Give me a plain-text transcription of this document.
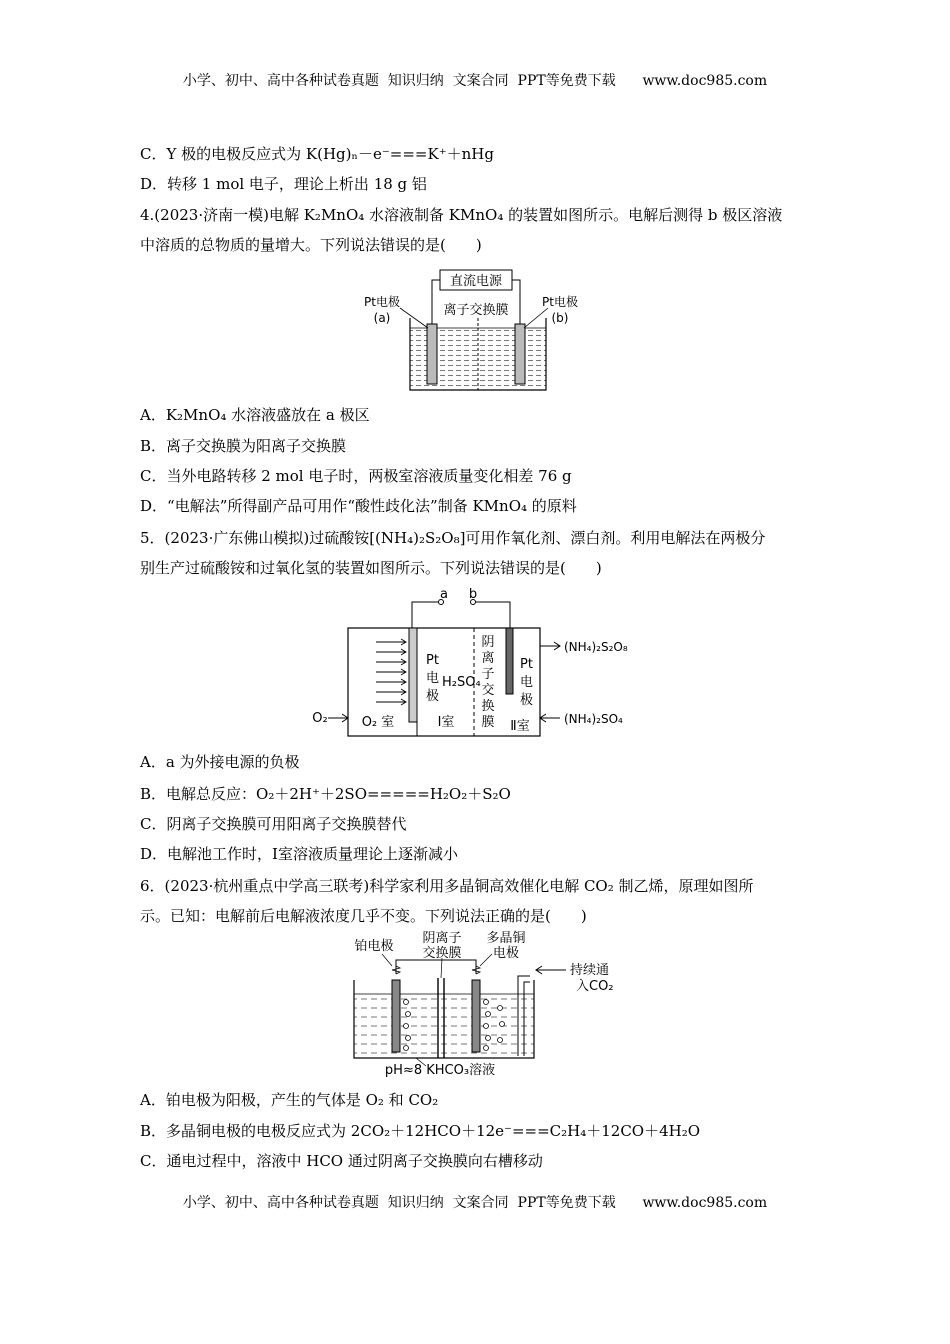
小学、初中、高中各种试卷真题  知识归纳  文案合同  PPT等免费下载      www.doc985.com
C．Y 极的电极反应式为 K(Hg)ₙ－e⁻===K⁺＋nHg
D．转移 1 mol 电子，理论上析出 18 g 铝
4.(2023·济南一模)电解 K₂MnO₄ 水溶液制备 KMnO₄ 的装置如图所示。电解后测得 b 极区溶液
中溶质的总物质的量增大。下列说法错误的是(　　)
直流电源
Pt电极
(a)	离子交换膜
Pt电极
(b)
A．K₂MnO₄ 水溶液盛放在 a 极区
B．离子交换膜为阳离子交换膜
C．当外电路转移 2 mol 电子时，两极室溶液质量变化相差 76 g
D．“电解法”所得副产品可用作“酸性歧化法”制备 KMnO₄ 的原料
5．(2023·广东佛山模拟)过硫酸铵[(NH₄)₂S₂O₈]可用作氧化剂、漂白剂。利用电解法在两极分
别生产过硫酸铵和过氧化氢的装置如图所示。下列说法错误的是(　　)
a b
O₂	O₂ 室
Pt
电
极
H₂SO₄
Ⅰ室
阴
离
子
交
换
膜
Pt
电
极
Ⅱ室
(NH₄)₂S₂O₈
(NH₄)₂SO₄
A．a 为外接电源的负极
B．电解总反应：O₂＋2H⁺＋2SO=====H₂O₂＋S₂O
C．阴离子交换膜可用阳离子交换膜替代
D．电解池工作时，Ⅰ室溶液质量理论上逐渐减小
6．(2023·杭州重点中学高三联考)科学家利用多晶铜高效催化电解 CO₂ 制乙烯，原理如图所
示。已知：电解前后电解液浓度几乎不变。下列说法正确的是(　　)
铂电极
阴离子
交换膜
多晶铜
电极
持续通
入CO₂
pH≈8 KHCO₃溶液
A．铂电极为阳极，产生的气体是 O₂ 和 CO₂
B．多晶铜电极的电极反应式为 2CO₂＋12HCO＋12e⁻===C₂H₄＋12CO＋4H₂O
C．通电过程中，溶液中 HCO 通过阴离子交换膜向右槽移动
小学、初中、高中各种试卷真题  知识归纳  文案合同  PPT等免费下载      www.doc985.com
